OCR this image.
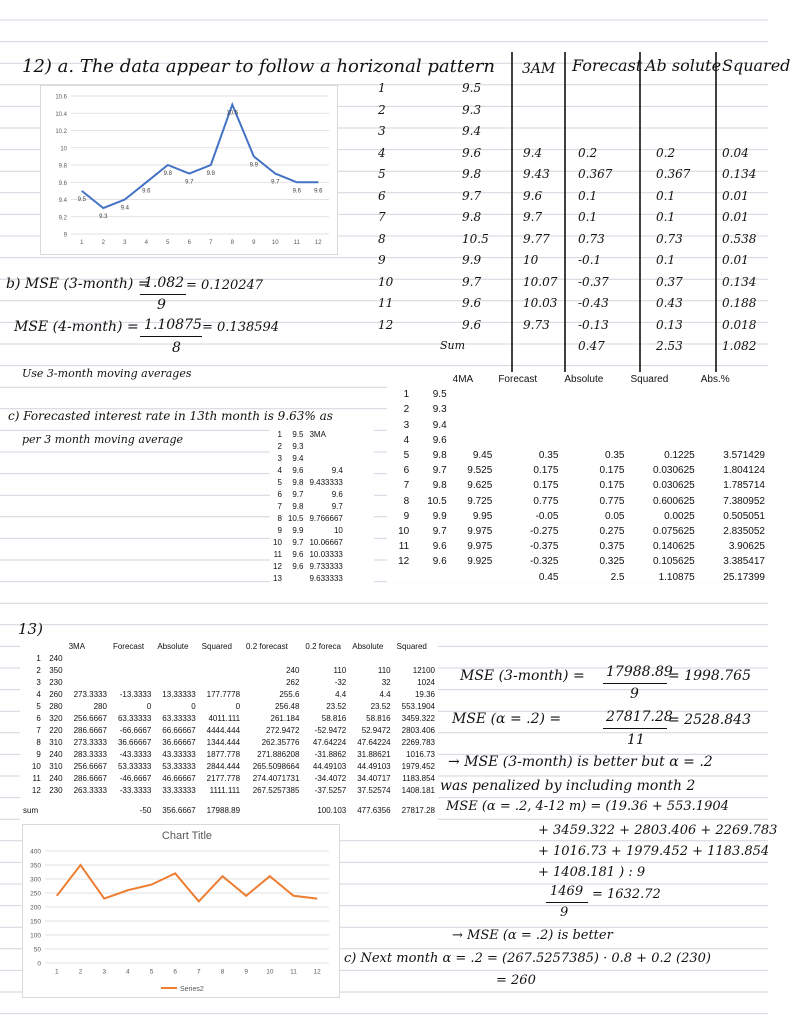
12) a. The data appear to follow a horizonal pattern 3AM Forecast Ab solute Squared
1	9.5
2	9.3
3	9.4
4	9.6	9.4	0.2	0.2	0.04
5	9.8	9.43 0.367	0.367	0.134
6	9.7	9.6	0.1	0.1	0.01
7	9.8	9.7	0.1	0.1	0.01
8	10.5	9.77 0.73	0.73	0.538
9	9.9	10	-0.1	0.1	0.01
10	9.7	10.07 -0.37	0.37	0.134
11	9.6	10.03 -0.43	0.43	0.188
12	9.6	9.73 -0.13	0.13	0.018
Sum	0.47	2.53	1.082
9
9.2
9.4
9.6
9.8
10
10.2
10.4
10.6
1	2	3	4	5	6	7	8	9	10	11	12
9.5
9.3
9.4
9.6
9.8
9.7
9.8
10.5
9.9
9.7
9.6 9.6
b) MSE (3-month) =
1.082
9
= 0.120247
MSE (4-month) = 1.10875
8
= 0.138594
Use 3-month moving averages
c) Forecasted interest rate in 13th month is 9.63% as
per 3 month moving average	1	9.5	3MA
2	9.3	
3	9.4	
4	9.6	9.4
5	9.8	9.433333
6	9.7	9.6
7	9.8	9.7
8	10.5	9.766667
9	9.9	10
10	9.7	10.06667
11	9.6	10.03333
12	9.6	9.733333
13		9.633333
		4MA	Forecast	Absolute	Squared	Abs.%
1	9.5					
2	9.3					
3	9.4					
4	9.6					
5	9.8	9.45	0.35	0.35	0.1225	3.571429
6	9.7	9.525	0.175	0.175	0.030625	1.804124
7	9.8	9.625	0.175	0.175	0.030625	1.785714
8	10.5	9.725	0.775	0.775	0.600625	7.380952
9	9.9	9.95	-0.05	0.05	0.0025	0.505051
10	9.7	9.975	-0.275	0.275	0.075625	2.835052
11	9.6	9.975	-0.375	0.375	0.140625	3.90625
12	9.6	9.925	-0.325	0.325	0.105625	3.385417
			0.45	2.5	1.10875	25.17399
13)
		3MA	Forecast	Absolute	Squared	0.2 forecast	0.2 foreca	Absolute	Squared
1	240								
2	350					240	110	110	12100
3	230					262	-32	32	1024
4	260	273.3333	-13.3333	13.33333	177.7778	255.6	4.4	4.4	19.36
5	280	280	0	0	0	256.48	23.52	23.52	553.1904
6	320	256.6667	63.33333	63.33333	4011.111	261.184	58.816	58.816	3459.322
7	220	286.6667	-66.6667	66.66667	4444.444	272.9472	-52.9472	52.9472	2803.406
8	310	273.3333	36.66667	36.66667	1344.444	262.35776	47.64224	47.64224	2269.783
9	240	283.3333	-43.3333	43.33333	1877.778	271.886208	-31.8862	31.88621	1016.73
10	310	256.6667	53.33333	53.33333	2844.444	265.5098664	44.49103	44.49103	1979.452
11	240	286.6667	-46.6667	46.66667	2177.778	274.4071731	-34.4072	34.40717	1183.854
12	230	263.3333	-33.3333	33.33333	1111.111	267.5257385	-37.5257	37.52574	1408.181

sum			-50	356.6667	17988.89		100.103	477.6356	27817.28
0
50
100
150
200
250
300
350
400
1	2	3	4	5	6	7	8	9	10	11	12
Chart Title
Series2
MSE (3-month) = 17988.89
9
= 1998.765
MSE (α = .2) =	27817.28
11
= 2528.843
→ MSE (3-month) is better but α = .2
was penalized by including month 2
MSE (α = .2, 4-12 m) = (19.36 + 553.1904
+ 3459.322 + 2803.406 + 2269.783
+ 1016.73 + 1979.452 + 1183.854
+ 1408.181 ) : 9
1469
9
= 1632.72
→ MSE (α = .2) is better
c) Next month α = .2 = (267.5257385) · 0.8 + 0.2 (230)
= 260
